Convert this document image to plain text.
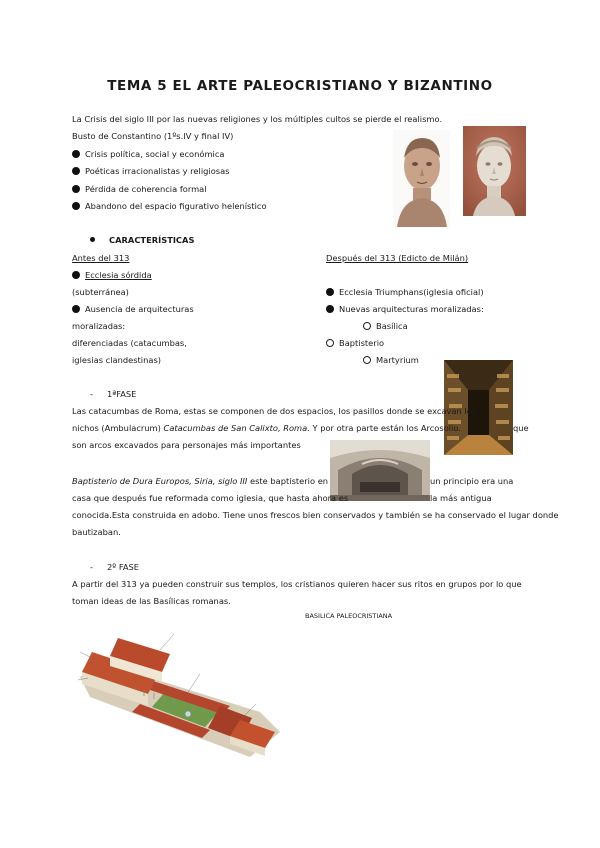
TEMA 5 EL ARTE PALEOCRISTIANO Y BIZANTINO
La Crisis del siglo III por las nuevas religiones y los múltiples cultos se pierde el realismo.
Busto de Constantino (1ºs.IV y final IV)
Crisis política, social y económica
Poéticas irracionalistas y religiosas
Pérdida de coherencia formal
Abandono del espacio figurativo helenístico
CARACTERÍSTICAS
Antes del 313
Ecclesia sórdida
(subterránea)
Ausencia de arquitecturas
moralizadas:
diferenciadas (catacumbas,
iglesias clandestinas)
Después del 313 (Edicto de Milán)
Ecclesia Triumphans(iglesia oficial)
Nuevas arquitecturas moralizadas:
Basílica
Baptisterio
Martyrium
- 1ªFASE
Las catacumbas de Roma, estas se componen de dos espacios, los pasillos donde se excavan los
nichos (Ambulacrum) Catacumbas de San Calixto, Roma. Y por otra parte están los Arcosolio.	que
son arcos excavados para personajes más importantes
Baptisterio de Dura Europos, Siria, siglo III este baptisterio en	un principio era una
casa que después fue reformada como iglesia, que hasta ahora es	la más antigua
conocida.Esta construida en adobo. Tiene unos frescos bien conservados y también se ha conservado el lugar donde
bautizaban.
- 2º FASE
A partir del 313 ya pueden construir sus templos, los cristianos quieren hacer sus ritos en grupos por lo que
toman ideas de las Basílicas romanas.
BASILICA PALEOCRISTIANA
